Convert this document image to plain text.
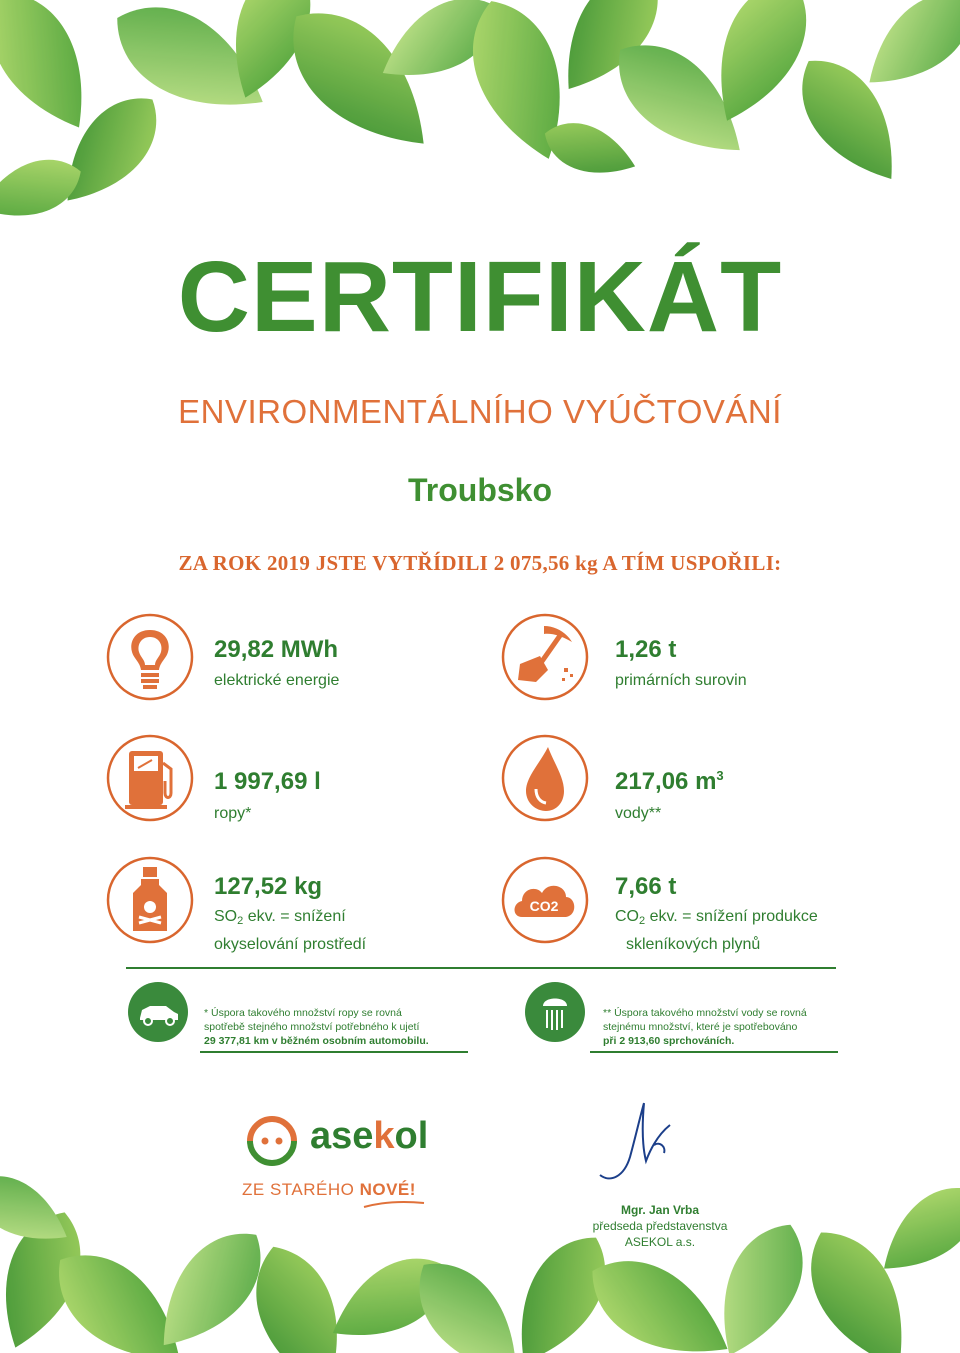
CERTIFIKÁT
ENVIRONMENTÁLNÍHO VYÚČTOVÁNÍ
Troubsko
ZA ROK 2019 JSTE VYTŘÍDILI 2 075,56 kg A TÍM USPOŘILI:
29,82 MWh
elektrické energie
1,26 t
primárních surovin
1 997,69 l
ropy*
217,06 $m^3$
vody**
127,52 kg
$SO_2$ ekv. = snížení
okyselování prostředí
CO2
7,66 t
$CO_2$ ekv. = snížení produkce
skleníkových plynů
* Úspora takového množství ropy se rovná
spotřebě stejného množství potřebného k ujetí
29 377,81 km v běžném osobním automobilu.
** Úspora takového množství vody se rovná
stejnému množství, které je spotřebováno
při 2 913,60 sprchováních.
asekol
ZE STARÉHO NOVÉ!
Mgr. Jan Vrba
předseda představenstva
ASEKOL a.s.
